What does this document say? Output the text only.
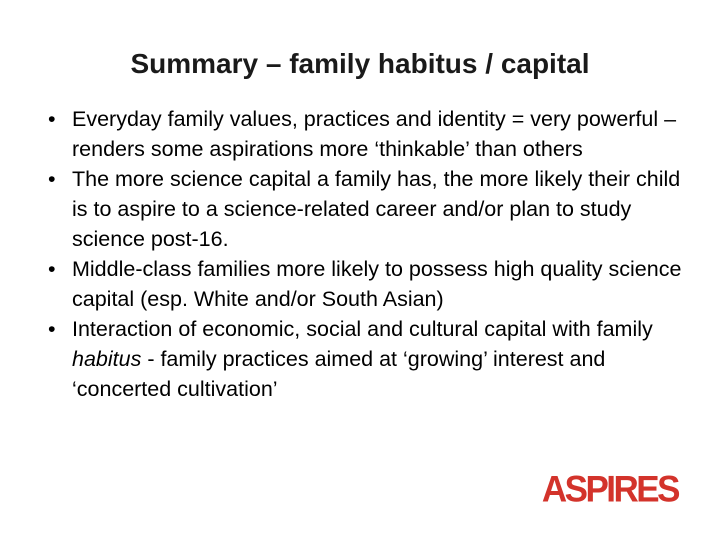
Summary – family habitus / capital
• Everyday family values, practices and identity = very powerful – renders some aspirations more ‘thinkable’ than others
• The more science capital a family has, the more likely their child is to aspire to a science-related career and/or plan to study science post-16.
• Middle-class families more likely to possess high quality science capital (esp. White and/or South Asian)
• Interaction of economic, social and cultural capital with family habitus - family practices aimed at ‘growing’ interest and ‘concerted cultivation’
ASPIRES
